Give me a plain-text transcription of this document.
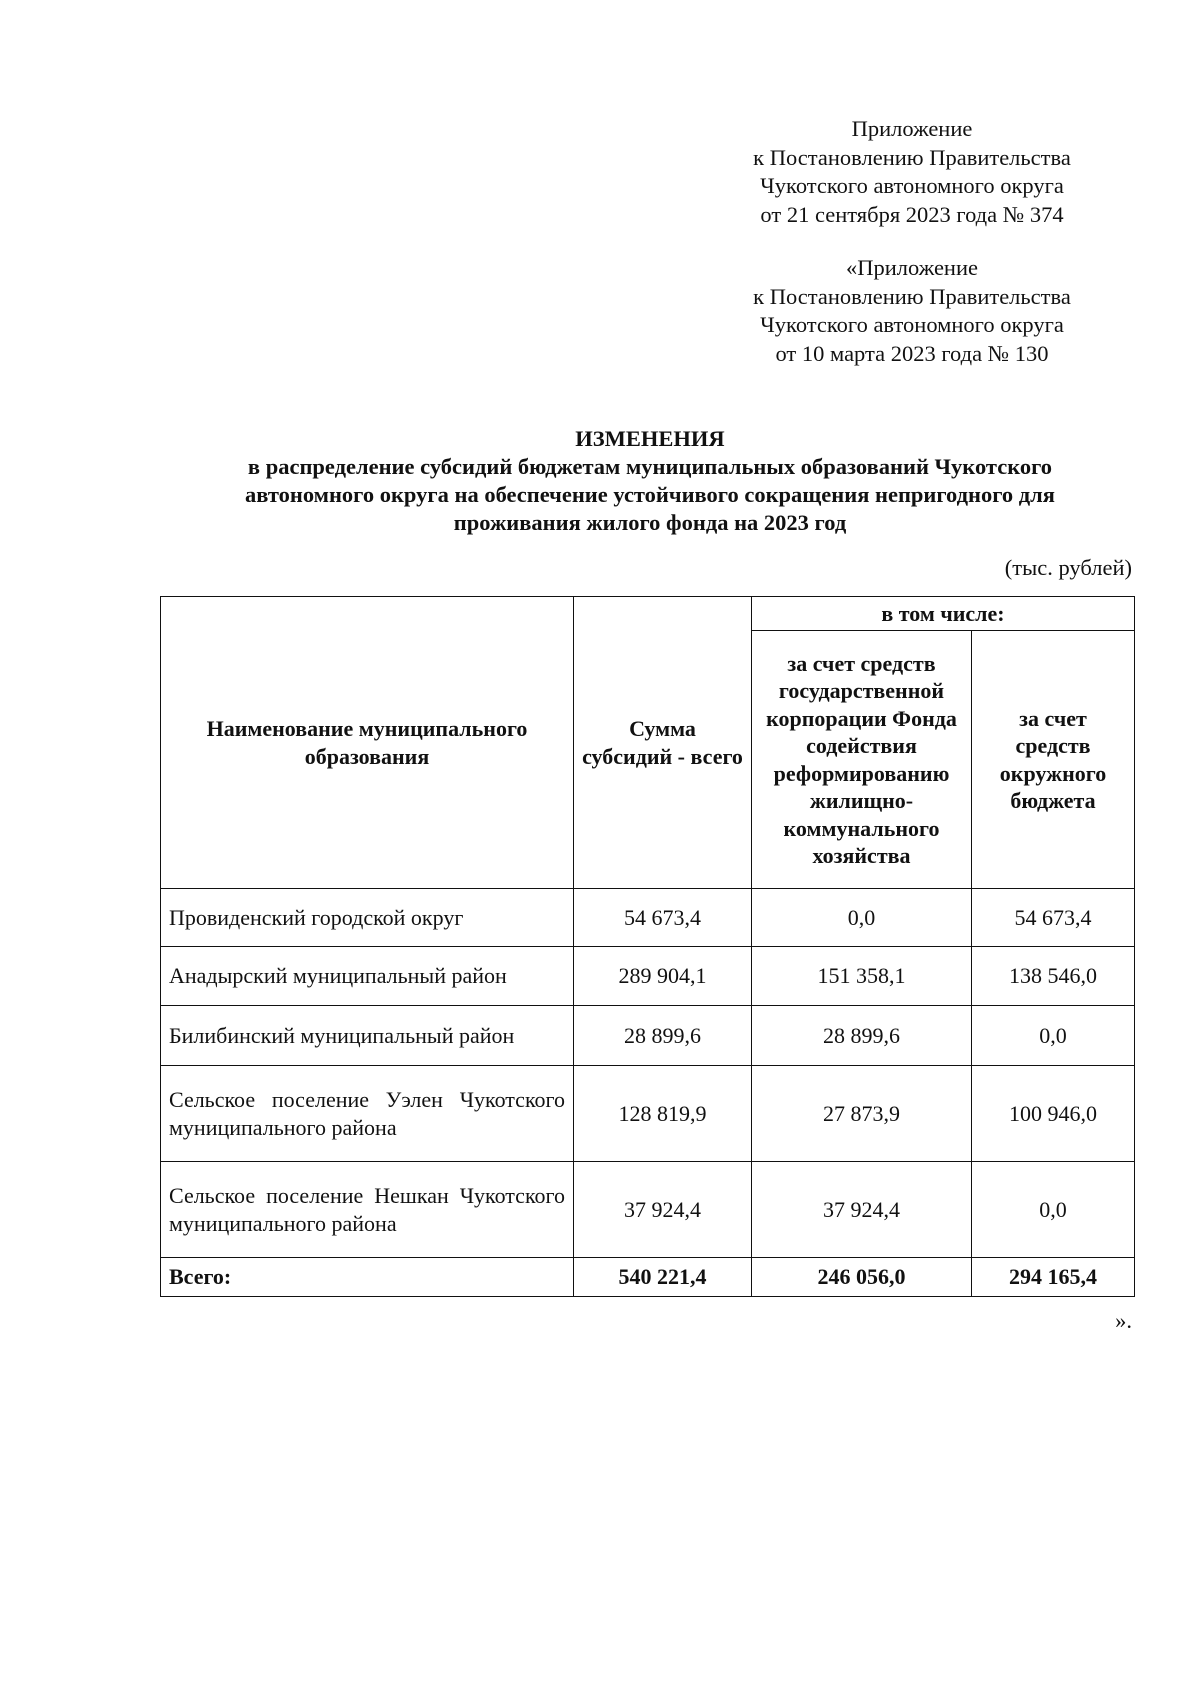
Приложение
к Постановлению Правительства
Чукотского автономного округа
от 21 сентября 2023 года № 374
«Приложение
к Постановлению Правительства
Чукотского автономного округа
от 10 марта 2023 года № 130
ИЗМЕНЕНИЯ
в распределение субсидий бюджетам муниципальных образований Чукотского
автономного округа на обеспечение устойчивого сокращения непригодного для
проживания жилого фонда на 2023 год
(тыс. рублей)
Наименование муниципального образования	Сумма субсидий - всего	в том числе:	
		за счет средств государственной корпорации Фонда содействия реформированию жилищно-коммунального хозяйства	за счет средств окружного бюджета
Провиденский городской округ	54 673,4	0,0	54 673,4
Анадырский муниципальный район	289 904,1	151 358,1	138 546,0
Билибинский муниципальный район	28 899,6	28 899,6	0,0
Сельское поселение Уэлен Чукотского муниципального района	128 819,9	27 873,9	100 946,0
Сельское поселение Нешкан Чукотского муниципального района	37 924,4	37 924,4	0,0
Всего:	540 221,4	246 056,0	294 165,4
».
